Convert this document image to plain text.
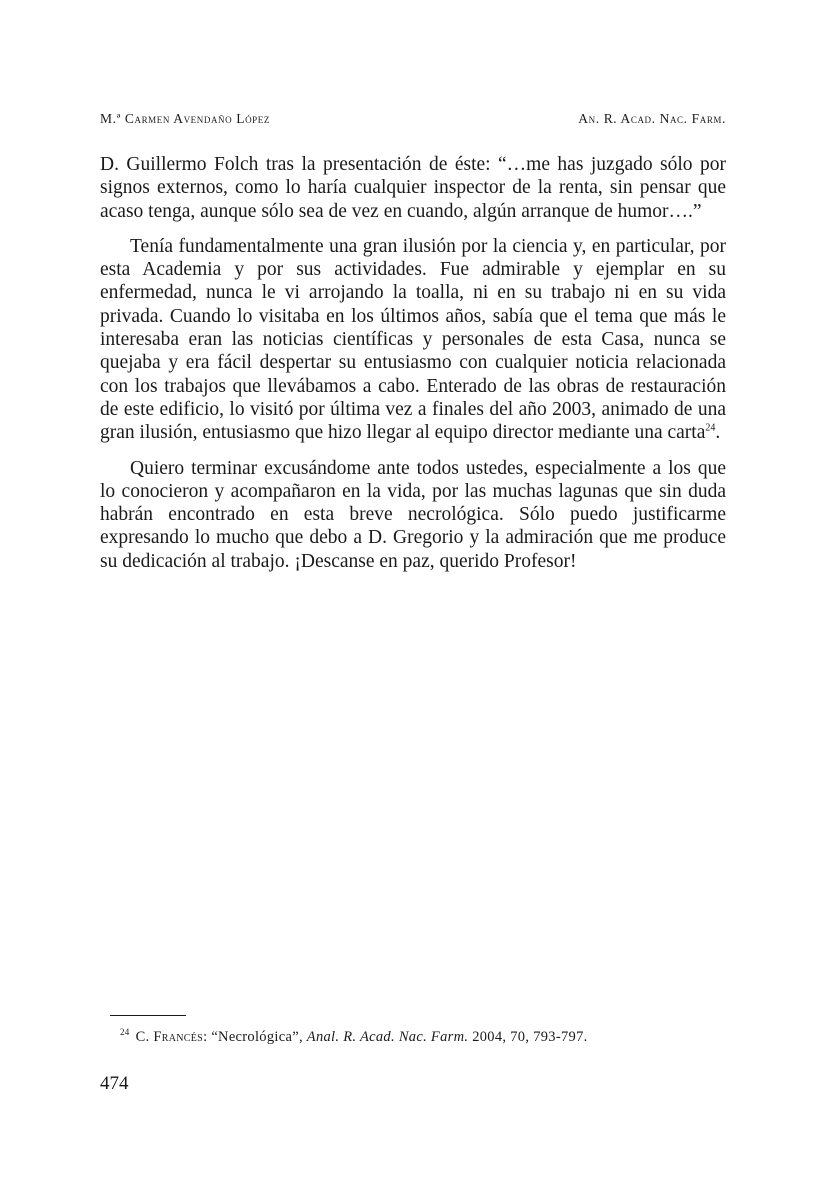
M.ª Carmen Avendaño López	An. R. Acad. Nac. Farm.

D. Guillermo Folch tras la presentación de éste: “…me has juzgado sólo por signos externos, como lo haría cualquier inspector de la renta, sin pensar que acaso tenga, aunque sólo sea de vez en cuando, algún arranque de humor….”

Tenía fundamentalmente una gran ilusión por la ciencia y, en particular, por esta Academia y por sus actividades. Fue admirable y ejemplar en su enfermedad, nunca le vi arrojando la toalla, ni en su trabajo ni en su vida privada. Cuando lo visitaba en los últimos años, sabía que el tema que más le interesaba eran las noticias científicas y personales de esta Casa, nunca se quejaba y era fácil despertar su entusiasmo con cualquier noticia relacionada con los trabajos que llevábamos a cabo. Enterado de las obras de restauración de este edificio, lo visitó por última vez a finales del año 2003, animado de una gran ilusión, entusiasmo que hizo llegar al equipo director mediante una carta$^{24}$.

Quiero terminar excusándome ante todos ustedes, especialmente a los que lo conocieron y acompañaron en la vida, por las muchas lagunas que sin duda habrán encontrado en esta breve necrológica. Sólo puedo justificarme expresando lo mucho que debo a D. Gregorio y la admiración que me produce su dedicación al trabajo. ¡Descanse en paz, querido Profesor!

$^{24}$ C. Francés: “Necrológica”, Anal. R. Acad. Nac. Farm. 2004, 70, 793-797.
474
